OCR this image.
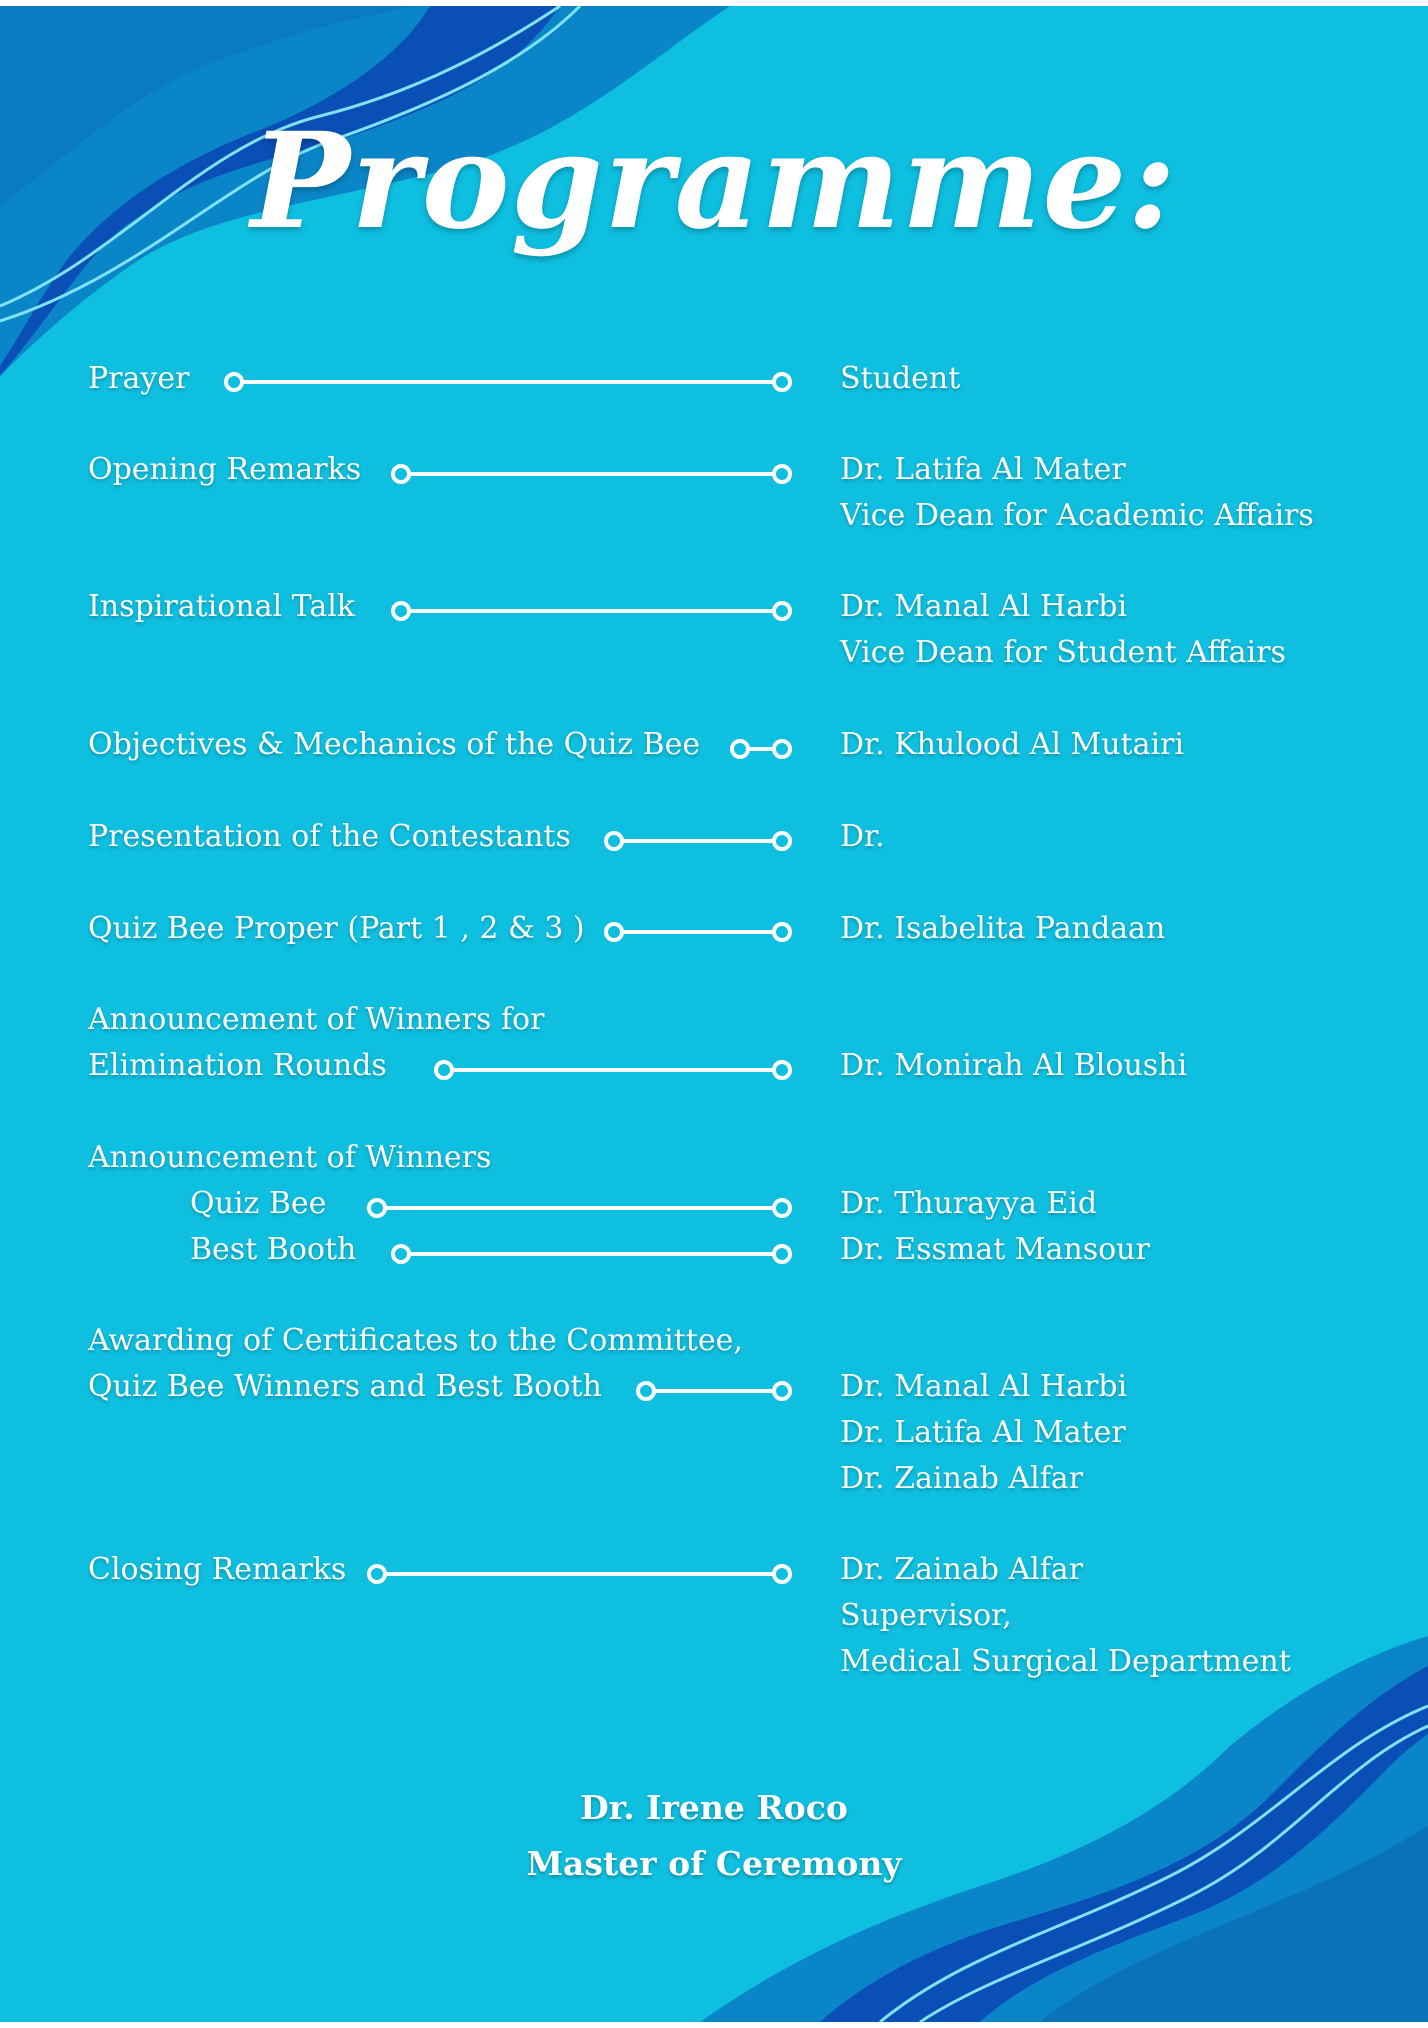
Programme:
Prayer	Student
Opening Remarks	Dr. Latifa Al Mater
Vice Dean for Academic Affairs
Inspirational Talk	Dr. Manal Al Harbi
Vice Dean for Student Affairs
Objectives & Mechanics of the Quiz Bee	Dr. Khulood Al Mutairi
Presentation of the Contestants	Dr.
Quiz Bee Proper (Part 1 , 2 & 3 )	Dr. Isabelita Pandaan
Announcement of Winners for
Elimination Rounds	Dr. Monirah Al Bloushi
Announcement of Winners
Quiz Bee	Dr. Thurayya Eid
Best Booth	Dr. Essmat Mansour
Awarding of Certificates to the Committee,
Quiz Bee Winners and Best Booth	Dr. Manal Al Harbi
Dr. Latifa Al Mater
Dr. Zainab Alfar
Closing Remarks	Dr. Zainab Alfar
Supervisor,
Medical Surgical Department
Dr. Irene Roco
Master of Ceremony
